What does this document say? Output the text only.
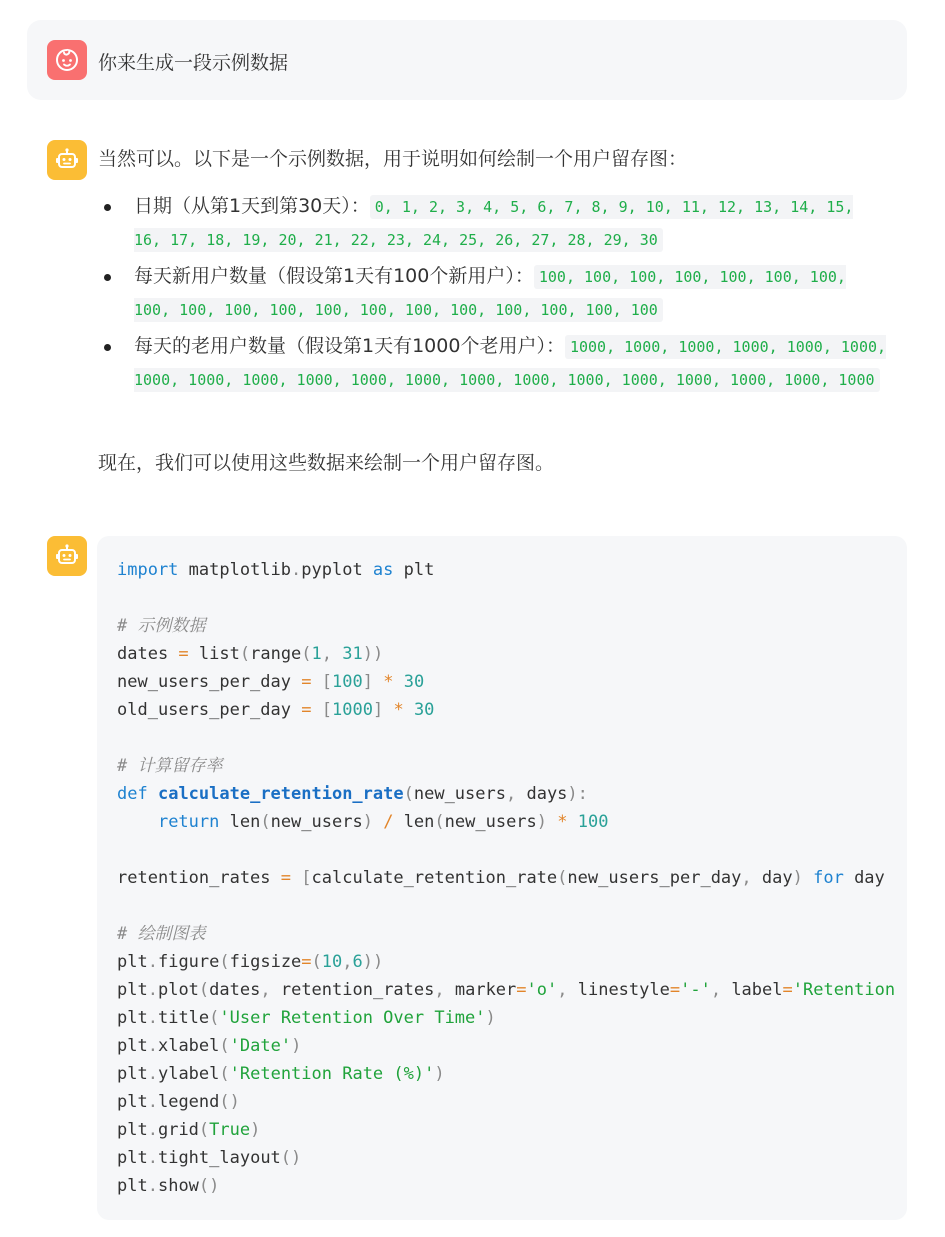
你来生成一段示例数据
当然可以。以下是一个示例数据，用于说明如何绘制一个用户留存图：
日期（从第1天到第30天）： 0, 1, 2, 3, 4, 5, 6, 7, 8, 9, 10, 11, 12, 13, 14, 15, 16, 17, 18, 19, 20, 21, 22, 23, 24, 25, 26, 27, 28, 29, 30
每天新用户数量（假设第1天有100个新用户）： 100, 100, 100, 100, 100, 100, 100, 100, 100, 100, 100, 100, 100, 100, 100, 100, 100, 100, 100
每天的老用户数量（假设第1天有1000个老用户）： 1000, 1000, 1000, 1000, 1000, 1000, 1000, 1000, 1000, 1000, 1000, 1000, 1000, 1000, 1000, 1000, 1000, 1000, 1000, 1000
现在，我们可以使用这些数据来绘制一个用户留存图。
import matplotlib.pyplot as plt
# 示例数据
dates = list(range(1, 31))
new_users_per_day = [100] * 30
old_users_per_day = [1000] * 30
# 计算留存率
def calculate_retention_rate(new_users, days):
return len(new_users) / len(new_users) * 100
retention_rates = [calculate_retention_rate(new_users_per_day, day) for day
# 绘制图表
plt.figure(figsize=(10,6))
plt.plot(dates, retention_rates, marker='o', linestyle='-', label='Retention
plt.title('User Retention Over Time')
plt.xlabel('Date')
plt.ylabel('Retention Rate (%)')
plt.legend()
plt.grid(True)
plt.tight_layout()
plt.show()
